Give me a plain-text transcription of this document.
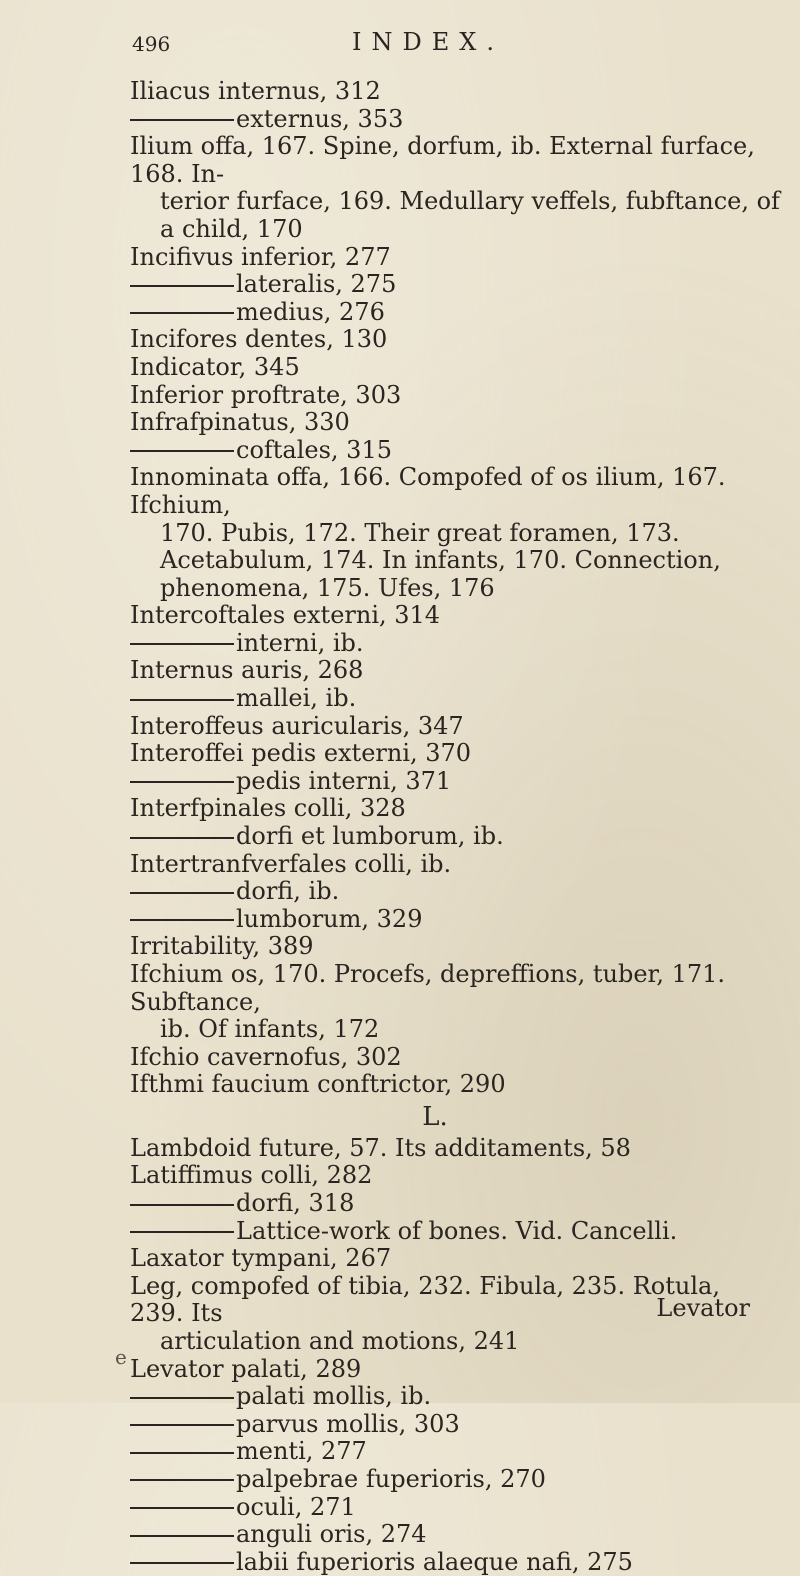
496	INDEX.
Iliacus internus, 312
externus, 353
Ilium offa, 167. Spine, dorfum, ib. External furface, 168. In-
terior furface, 169. Medullary veffels, fubftance, of a child, 170
Incifivus inferior, 277
lateralis, 275
medius, 276
Incifores dentes, 130
Indicator, 345
Inferior proftrate, 303
Infrafpinatus, 330
coftales, 315
Innominata offa, 166. Compofed of os ilium, 167. Ifchium,
170. Pubis, 172. Their great foramen, 173. Acetabulum, 174. In infants, 170. Connection, phenomena, 175. Ufes, 176
Intercoftales externi, 314
interni, ib.
Internus auris, 268
mallei, ib.
Interoffeus auricularis, 347
Interoffei pedis externi, 370
pedis interni, 371
Interfpinales colli, 328
dorfi et lumborum, ib.
Intertranfverfales colli, ib.
dorfi, ib.
lumborum, 329
Irritability, 389
Ifchium os, 170. Procefs, depreffions, tuber, 171. Subftance,
ib. Of infants, 172
Ifchio cavernofus, 302
Ifthmi faucium conftrictor, 290
L.
Lambdoid future, 57. Its additaments, 58
Latiffimus colli, 282
dorfi, 318
Lattice-work of bones. Vid. Cancelli.
Laxator tympani, 267
Leg, compofed of tibia, 232. Fibula, 235. Rotula, 239. Its
articulation and motions, 241
Levator palati, 289
palati mollis, ib.
parvus mollis, 303
menti, 277
palpebrae fuperioris, 270
oculi, 271
anguli oris, 274
labii fuperioris alaeque nafi, 275
Levator
e
